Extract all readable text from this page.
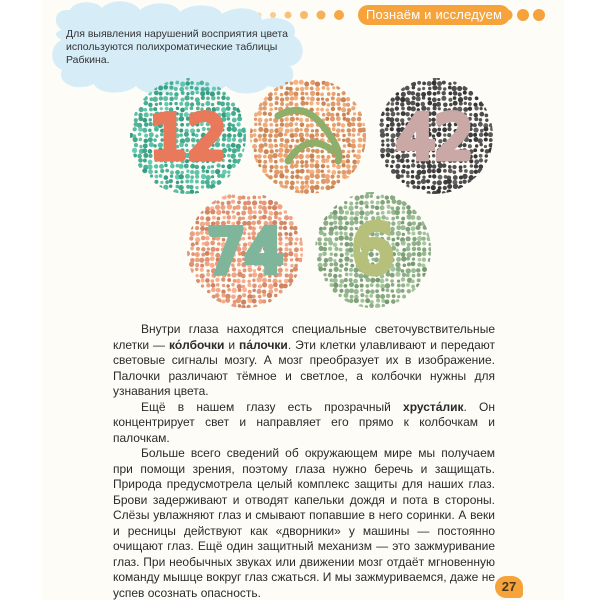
Познаём и исследуем
Для выявления нарушений восприятия цвета используются полихроматические таблицы Рабкина.
12	42
74 6

Внутри глаза находятся специальные светочувствительные клетки — ко́лбочки и па́лочки. Эти клетки улавливают и передают световые сигналы мозгу. А мозг преобразует их в изображение. Палочки различают тёмное и светлое, а колбочки нужны для узнавания цвета.

Ещё в нашем глазу есть прозрачный хруста́лик. Он концентрирует свет и направляет его прямо к колбочкам и палочкам.

Больше всего сведений об окружающем мире мы получаем при помощи зрения, поэтому глаза нужно беречь и защищать. Природа предусмотрела целый комплекс защиты для наших глаз. Брови задерживают и отводят капельки дождя и пота в стороны. Слёзы увлажняют глаз и смывают попавшие в него соринки. А веки и ресницы действуют как «дворники» у машины — постоянно очищают глаз. Ещё один защитный механизм — это зажмуривание глаз. При необычных звуках или движении мозг отдаёт мгновенную команду мышце вокруг глаз сжаться. И мы зажмуриваемся, даже не успев осознать опасность.	27
